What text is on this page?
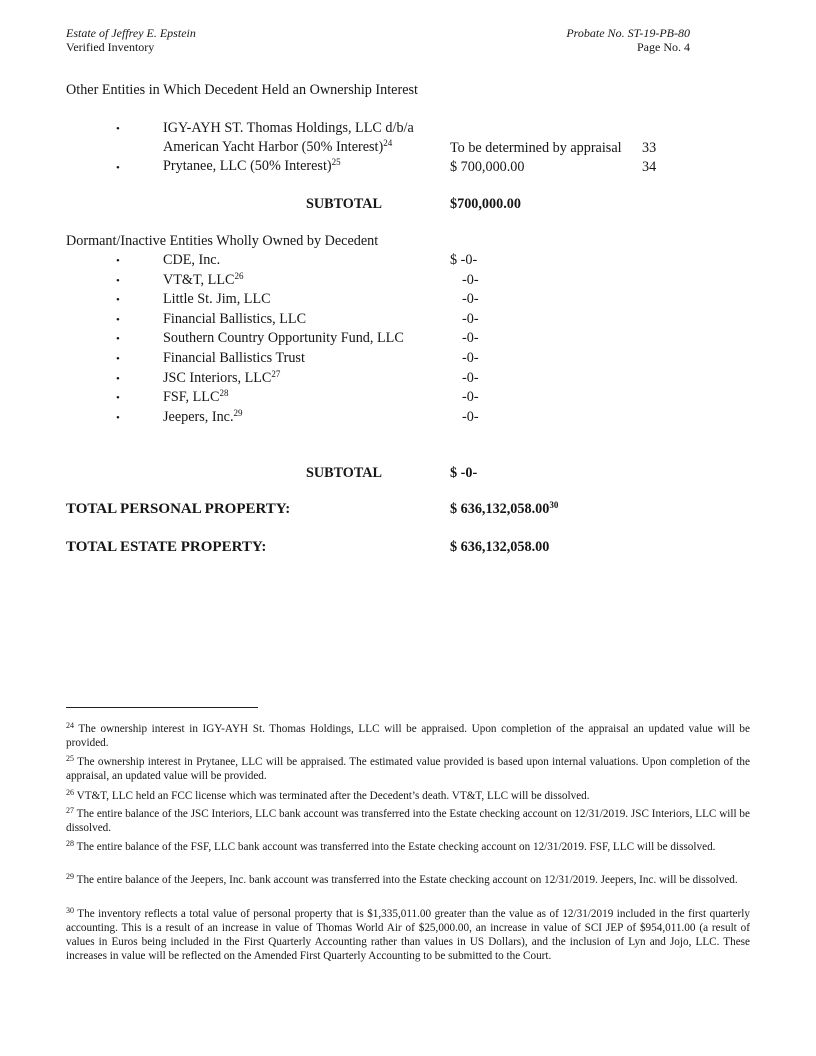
Estate of Jeffrey E. Epstein
Verified Inventory
Probate No. ST-19-PB-80
Page No. 4
Other Entities in Which Decedent Held an Ownership Interest
•	IGY-AYH ST. Thomas Holdings, LLC d/b/a
American Yacht Harbor (50% Interest)$^{24}$	To be determined by appraisal 33
•	Prytanee, LLC (50% Interest)$^{25}$	$ 700,000.00	34
SUBTOTAL	$700,000.00
Dormant/Inactive Entities Wholly Owned by Decedent
•	CDE, Inc.	$ -0-
•	VT&T, LLC$^{26}$	-0-
•	Little St. Jim, LLC	-0-
•	Financial Ballistics, LLC	-0-
•	Southern Country Opportunity Fund, LLC	-0-
•	Financial Ballistics Trust	-0-
•	JSC Interiors, LLC$^{27}$	-0-
•	FSF, LLC$^{28}$	-0-
•	Jeepers, Inc.$^{29}$	-0-
SUBTOTAL	$ -0-
TOTAL PERSONAL PROPERTY:	$ 636,132,058.00$^{30}$
TOTAL ESTATE PROPERTY:	$ 636,132,058.00
$^{24}$ The ownership interest in IGY-AYH St. Thomas Holdings, LLC will be appraised. Upon completion of the appraisal an updated value will be provided.
$^{25}$ The ownership interest in Prytanee, LLC will be appraised. The estimated value provided is based upon internal valuations. Upon completion of the appraisal, an updated value will be provided.
$^{26}$ VT&T, LLC held an FCC license which was terminated after the Decedent’s death. VT&T, LLC will be dissolved.
$^{27}$ The entire balance of the JSC Interiors, LLC bank account was transferred into the Estate checking account on 12/31/2019. JSC Interiors, LLC will be dissolved.
$^{28}$ The entire balance of the FSF, LLC bank account was transferred into the Estate checking account on 12/31/2019. FSF, LLC will be dissolved.
$^{29}$ The entire balance of the Jeepers, Inc. bank account was transferred into the Estate checking account on 12/31/2019. Jeepers, Inc. will be dissolved.
$^{30}$ The inventory reflects a total value of personal property that is $1,335,011.00 greater than the value as of 12/31/2019 included in the first quarterly accounting. This is a result of an increase in value of Thomas World Air of $25,000.00, an increase in value of SCI JEP of $954,011.00 (a result of values in Euros being included in the First Quarterly Accounting rather than values in US Dollars), and the inclusion of Lyn and Jojo, LLC. These increases in value will be reflected on the Amended First Quarterly Accounting to be submitted to the Court.
